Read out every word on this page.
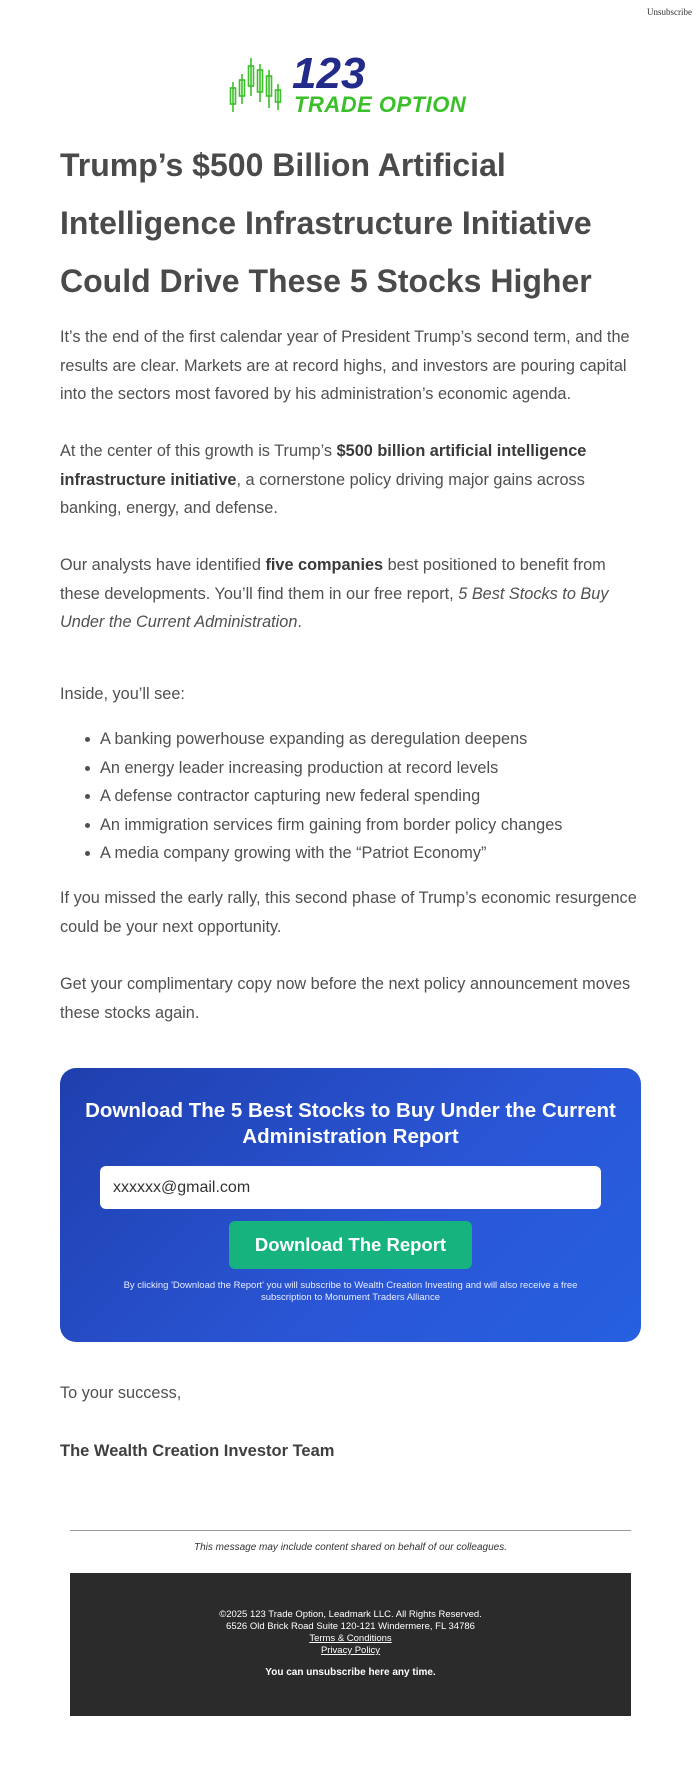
Unsubscribe
123
TRADE OPTION
Trump’s $500 Billion Artificial Intelligence Infrastructure Initiative Could Drive These 5 Stocks Higher

It’s the end of the first calendar year of President Trump’s second term, and the results are clear. Markets are at record highs, and investors are pouring capital into the sectors most favored by his administration’s economic agenda.

At the center of this growth is Trump’s $500 billion artificial intelligence infrastructure initiative, a cornerstone policy driving major gains across banking, energy, and defense.

Our analysts have identified five companies best positioned to benefit from these developments. You’ll find them in our free report, 5 Best Stocks to Buy Under the Current Administration.

Inside, you’ll see:

A banking powerhouse expanding as deregulation deepens
An energy leader increasing production at record levels
A defense contractor capturing new federal spending
An immigration services firm gaining from border policy changes
A media company growing with the “Patriot Economy”

If you missed the early rally, this second phase of Trump’s economic resurgence could be your next opportunity.

Get your complimentary copy now before the next policy announcement moves these stocks again.

Download The 5 Best Stocks to Buy Under the Current Administration Report
xxxxxx@gmail.com
Download The Report
By clicking 'Download the Report' you will subscribe to Wealth Creation Investing and will also receive a free subscription to Monument Traders Alliance
To your success,
The Wealth Creation Investor Team
This message may include content shared on behalf of our colleagues.
©2025 123 Trade Option, Leadmark LLC. All Rights Reserved.
6526 Old Brick Road Suite 120-121 Windermere, FL 34786
Terms & Conditions
Privacy Policy
You can unsubscribe here any time.
